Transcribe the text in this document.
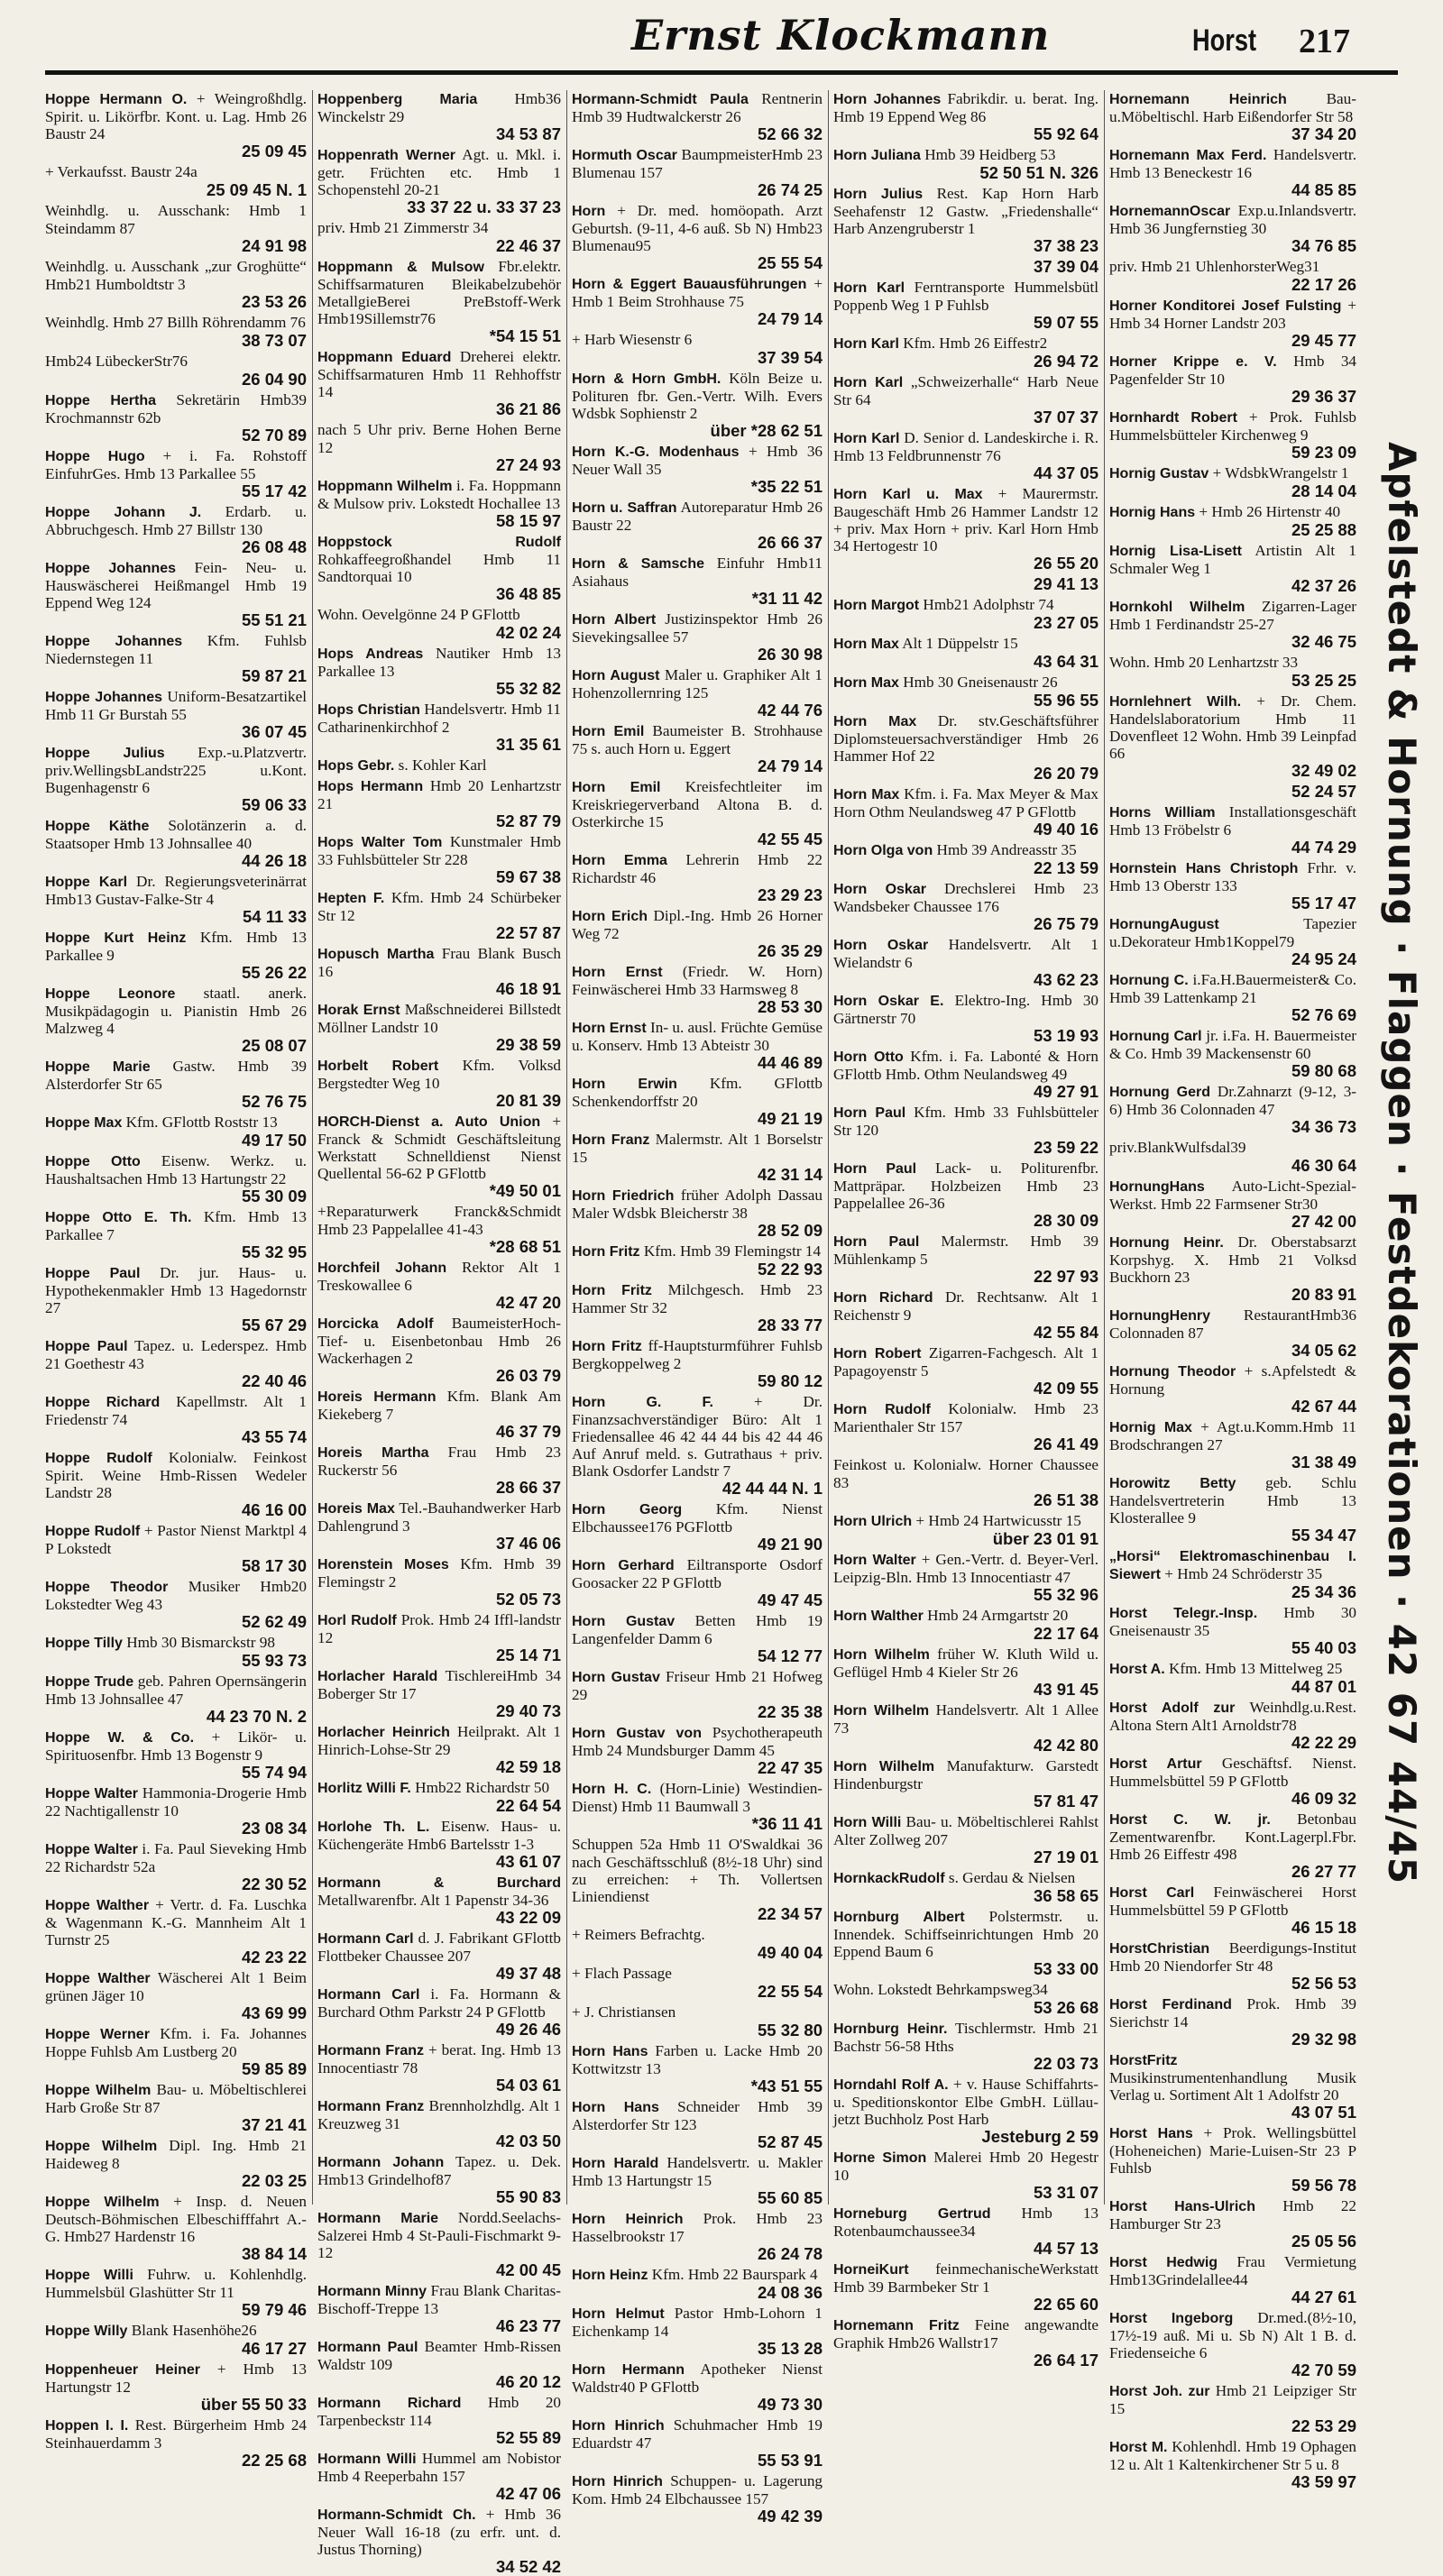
Ernst Klockmann	Horst 217
Hoppe Hermann O. + Weingroßhdlg. Spirit. u. Likörfbr. Kont. u. Lag. Hmb 26 Baustr 24
25 09 45
+ Verkaufsst. Baustr 24a
25 09 45 N. 1
Weinhdlg. u. Ausschank: Hmb 1 Steindamm 87
24 91 98
Weinhdlg. u. Ausschank „zur Groghütte“ Hmb21 Humboldtstr 3
23 53 26
Weinhdlg. Hmb 27 Billh Röhrendamm 76
38 73 07
Hmb24 LübeckerStr76
26 04 90
Hoppe Hertha Sekretärin Hmb39 Krochmannstr 62b
52 70 89
Hoppe Hugo + i. Fa. Rohstoff EinfuhrGes. Hmb 13 Parkallee 55
55 17 42
Hoppe Johann J. Erdarb. u. Abbruchgesch. Hmb 27 Billstr 130
26 08 48
Hoppe Johannes Fein- Neu- u. Hauswäscherei Heißmangel Hmb 19 Eppend Weg 124
55 51 21
Hoppe Johannes Kfm. Fuhlsb Niedernstegen 11
59 87 21
Hoppe Johannes Uniform-Besatzartikel Hmb 11 Gr Burstah 55
36 07 45
Hoppe Julius Exp.-u.Platzvertr. priv.WellingsbLandstr225 u.Kont. Bugenhagenstr 6
59 06 33
Hoppe Käthe Solotänzerin a. d. Staatsoper Hmb 13 Johnsallee 40
44 26 18
Hoppe Karl Dr. Regierungsveterinärrat Hmb13 Gustav-Falke-Str 4
54 11 33
Hoppe Kurt Heinz Kfm. Hmb 13 Parkallee 9
55 26 22
Hoppe Leonore staatl. anerk. Musikpädagogin u. Pianistin Hmb 26 Malzweg 4
25 08 07
Hoppe Marie Gastw. Hmb 39 Alsterdorfer Str 65
52 76 75
Hoppe Max Kfm. GFlottb Roststr 13
49 17 50
Hoppe Otto Eisenw. Werkz. u. Haushaltsachen Hmb 13 Hartungstr 22
55 30 09
Hoppe Otto E. Th. Kfm. Hmb 13 Parkallee 7
55 32 95
Hoppe Paul Dr. jur. Haus- u. Hypothekenmakler Hmb 13 Hagedornstr 27
55 67 29
Hoppe Paul Tapez. u. Lederspez. Hmb 21 Goethestr 43
22 40 46
Hoppe Richard Kapellmstr. Alt 1 Friedenstr 74
43 55 74
Hoppe Rudolf Kolonialw. Feinkost Spirit. Weine Hmb-Rissen Wedeler Landstr 28
46 16 00
Hoppe Rudolf + Pastor Nienst Marktpl 4 P Lokstedt
58 17 30
Hoppe Theodor Musiker Hmb20 Lokstedter Weg 43
52 62 49
Hoppe Tilly Hmb 30 Bismarckstr 98
55 93 73
Hoppe Trude geb. Pahren Opernsängerin Hmb 13 Johnsallee 47
44 23 70 N. 2
Hoppe W. & Co. + Likör- u. Spirituosenfbr. Hmb 13 Bogenstr 9
55 74 94
Hoppe Walter Hammonia-Drogerie Hmb 22 Nachtigallenstr 10
23 08 34
Hoppe Walter i. Fa. Paul Sieveking Hmb 22 Richardstr 52a
22 30 52
Hoppe Walther + Vertr. d. Fa. Luschka & Wagenmann K.-G. Mannheim Alt 1 Turnstr 25
42 23 22
Hoppe Walther Wäscherei Alt 1 Beim grünen Jäger 10
43 69 99
Hoppe Werner Kfm. i. Fa. Johannes Hoppe Fuhlsb Am Lustberg 20
59 85 89
Hoppe Wilhelm Bau- u. Möbeltischlerei Harb Große Str 87
37 21 41
Hoppe Wilhelm Dipl. Ing. Hmb 21 Haideweg 8
22 03 25
Hoppe Wilhelm + Insp. d. Neuen Deutsch-Böhmischen Elbeschifffahrt A.-G. Hmb27 Hardenstr 16
38 84 14
Hoppe Willi Fuhrw. u. Kohlenhdlg. Hummelsbül Glashütter Str 11
59 79 46
Hoppe Willy Blank Hasenhöhe26
46 17 27
Hoppenheuer Heiner + Hmb 13 Hartungstr 12
über 55 50 33
Hoppen I. I. Rest. Bürgerheim Hmb 24 Steinhauerdamm 3
22 25 68
Hoppenberg Maria Hmb36 Winckelstr 29
34 53 87
Hoppenrath Werner Agt. u. Mkl. i. getr. Früchten etc. Hmb 1 Schopenstehl 20-21
33 37 22 u. 33 37 23
priv. Hmb 21 Zimmerstr 34
22 46 37
Hoppmann & Mulsow Fbr.elektr. Schiffsarmaturen Bleikabelzubehör MetallgieBerei PreBstoff-Werk Hmb19Sillemstr76
*54 15 51
Hoppmann Eduard Dreherei elektr. Schiffsarmaturen Hmb 11 Rehhoffstr 14
36 21 86
nach 5 Uhr priv. Berne Hohen Berne 12
27 24 93
Hoppmann Wilhelm i. Fa. Hoppmann & Mulsow priv. Lokstedt Hochallee 13
58 15 97
Hoppstock Rudolf Rohkaffeegroßhandel Hmb 11 Sandtorquai 10
36 48 85
Wohn. Oevelgönne 24 P GFlottb
42 02 24
Hops Andreas Nautiker Hmb 13 Parkallee 13
55 32 82
Hops Christian Handelsvertr. Hmb 11 Catharinenkirchhof 2
31 35 61
Hops Gebr. s. Kohler Karl
Hops Hermann Hmb 20 Lenhartzstr 21
52 87 79
Hops Walter Tom Kunstmaler Hmb 33 Fuhlsbütteler Str 228
59 67 38
Hepten F. Kfm. Hmb 24 Schürbeker Str 12
22 57 87
Hopusch Martha Frau Blank Busch 16
46 18 91
Horak Ernst Maßschneiderei Billstedt Möllner Landstr 10
29 38 59
Horbelt Robert Kfm. Volksd Bergstedter Weg 10
20 81 39
HORCH-Dienst a. Auto Union + Franck & Schmidt Geschäftsleitung Werkstatt Schnelldienst Nienst Quellental 56-62 P GFlottb
*49 50 01
+Reparaturwerk Franck&Schmidt Hmb 23 Pappelallee 41-43
*28 68 51
Horchfeil Johann Rektor Alt 1 Treskowallee 6
42 47 20
Horcicka Adolf BaumeisterHoch-Tief- u. Eisenbetonbau Hmb 26 Wackerhagen 2
26 03 79
Horeis Hermann Kfm. Blank Am Kiekeberg 7
46 37 79
Horeis Martha Frau Hmb 23 Ruckerstr 56
28 66 37
Horeis Max Tel.-Bauhandwerker Harb Dahlengrund 3
37 46 06
Horenstein Moses Kfm. Hmb 39 Flemingstr 2
52 05 73
Horl Rudolf Prok. Hmb 24 Iffl-landstr 12
25 14 71
Horlacher Harald TischlereiHmb 34 Boberger Str 17
29 40 73
Horlacher Heinrich Heilprakt. Alt 1 Hinrich-Lohse-Str 29
42 59 18
Horlitz Willi F. Hmb22 Richardstr 50
22 64 54
Horlohe Th. L. Eisenw. Haus- u. Küchengeräte Hmb6 Bartelsstr 1-3
43 61 07
Hormann & Burchard Metallwarenfbr. Alt 1 Papenstr 34-36
43 22 09
Hormann Carl d. J. Fabrikant GFlottb Flottbeker Chaussee 207
49 37 48
Hormann Carl i. Fa. Hormann & Burchard Othm Parkstr 24 P GFlottb
49 26 46
Hormann Franz + berat. Ing. Hmb 13 Innocentiastr 78
54 03 61
Hormann Franz Brennholzhdlg. Alt 1 Kreuzweg 31
42 03 50
Hormann Johann Tapez. u. Dek. Hmb13 Grindelhof87
55 90 83
Hormann Marie Nordd.Seelachs-Salzerei Hmb 4 St-Pauli-Fischmarkt 9-12
42 00 45
Hormann Minny Frau Blank Charitas-Bischoff-Treppe 13
46 23 77
Hormann Paul Beamter Hmb-Rissen Waldstr 109
46 20 12
Hormann Richard Hmb 20 Tarpenbeckstr 114
52 55 89
Hormann Willi Hummel am Nobistor Hmb 4 Reeperbahn 157
42 47 06
Hormann-Schmidt Ch. + Hmb 36 Neuer Wall 16-18 (zu erfr. unt. d. Justus Thorning)
34 52 42
Hormann-Schmidt Paula Rentnerin Hmb 39 Hudtwalckerstr 26
52 66 32
Hormuth Oscar BaumpmeisterHmb 23 Blumenau 157
26 74 25
Horn + Dr. med. homöopath. Arzt Geburtsh. (9-11, 4-6 auß. Sb N) Hmb23 Blumenau95
25 55 54
Horn & Eggert Bauausführungen + Hmb 1 Beim Strohhause 75
24 79 14
+ Harb Wiesenstr 6
37 39 54
Horn & Horn GmbH. Köln Beize u. Polituren fbr. Gen.-Vertr. Wilh. Evers Wdsbk Sophienstr 2
über *28 62 51
Horn K.-G. Modenhaus + Hmb 36 Neuer Wall 35
*35 22 51
Horn u. Saffran Autoreparatur Hmb 26 Baustr 22
26 66 37
Horn & Samsche Einfuhr Hmb11 Asiahaus
*31 11 42
Horn Albert Justizinspektor Hmb 26 Sievekingsallee 57
26 30 98
Horn August Maler u. Graphiker Alt 1 Hohenzollernring 125
42 44 76
Horn Emil Baumeister B. Strohhause 75 s. auch Horn u. Eggert
24 79 14
Horn Emil Kreisfechtleiter im Kreiskriegerverband Altona B. d. Osterkirche 15
42 55 45
Horn Emma Lehrerin Hmb 22 Richardstr 46
23 29 23
Horn Erich Dipl.-Ing. Hmb 26 Horner Weg 72
26 35 29
Horn Ernst (Friedr. W. Horn) Feinwäscherei Hmb 33 Harmsweg 8
28 53 30
Horn Ernst In- u. ausl. Früchte Gemüse u. Konserv. Hmb 13 Abteistr 30
44 46 89
Horn Erwin Kfm. GFlottb Schenkendorffstr 20
49 21 19
Horn Franz Malermstr. Alt 1 Borselstr 15
42 31 14
Horn Friedrich früher Adolph Dassau Maler Wdsbk Bleicherstr 38
28 52 09
Horn Fritz Kfm. Hmb 39 Flemingstr 14
52 22 93
Horn Fritz Milchgesch. Hmb 23 Hammer Str 32
28 33 77
Horn Fritz ff-Hauptsturmführer Fuhlsb Bergkoppelweg 2
59 80 12
Horn G. F.	+ Dr. Finanzsachverständiger Büro: Alt 1 Friedensallee 46 42 44 44 bis 42 44 46 Auf Anruf meld. s. Gutrathaus + priv. Blank Osdorfer Landstr 7
42 44 44 N. 1
Horn Georg Kfm. Nienst Elbchaussee176 PGFlottb
49 21 90
Horn Gerhard Eiltransporte Osdorf Goosacker 22 P GFlottb
49 47 45
Horn Gustav Betten Hmb 19 Langenfelder Damm 6
54 12 77
Horn Gustav Friseur Hmb 21 Hofweg 29
22 35 38
Horn Gustav von Psychotherapeuth Hmb 24 Mundsburger Damm 45
22 47 35
Horn H. C. (Horn-Linie) Westindien-Dienst) Hmb 11 Baumwall 3
*36 11 41
Schuppen 52a Hmb 11 O'Swaldkai 36 nach Geschäftsschluß (8½-18 Uhr) sind zu erreichen: + Th. Vollertsen Liniendienst
22 34 57
+ Reimers Befrachtg.
49 40 04
+ Flach Passage
22 55 54
+ J. Christiansen
55 32 80
Horn Hans Farben u. Lacke Hmb 20 Kottwitzstr 13
*43 51 55
Horn Hans Schneider Hmb 39 Alsterdorfer Str 123
52 87 45
Horn Harald Handelsvertr. u. Makler Hmb 13 Hartungstr 15
55 60 85
Horn Heinrich Prok. Hmb 23 Hasselbrookstr 17
26 24 78
Horn Heinz Kfm. Hmb 22 Baurspark 4
24 08 36
Horn Helmut Pastor Hmb-Lohorn 1 Eichenkamp 14
35 13 28
Horn Hermann Apotheker Nienst Waldstr40 P GFlottb
49 73 30
Horn Hinrich Schuhmacher Hmb 19 Eduardstr 47
55 53 91
Horn Hinrich Schuppen- u. Lagerung Kom. Hmb 24 Elbchaussee 157
49 42 39
Horn Johannes Fabrikdir. u. berat. Ing. Hmb 19 Eppend Weg 86
55 92 64
Horn Juliana Hmb 39 Heidberg 53
52 50 51 N. 326
Horn Julius Rest. Kap Horn Harb Seehafenstr 12 Gastw. „Friedenshalle“ Harb Anzengruberstr 1
37 38 23
37 39 04
Horn Karl Ferntransporte Hummelsbütl Poppenb Weg 1 P Fuhlsb
59 07 55
Horn Karl Kfm. Hmb 26 Eiffestr2
26 94 72
Horn Karl „Schweizerhalle“ Harb Neue Str 64
37 07 37
Horn Karl D. Senior d. Landeskirche i. R. Hmb 13 Feldbrunnenstr 76
44 37 05
Horn Karl u. Max + Maurermstr. Baugeschäft Hmb 26 Hammer Landstr 12 + priv. Max Horn + priv. Karl Horn Hmb 34 Hertogestr 10
26 55 20
29 41 13
Horn Margot Hmb21 Adolphstr 74
23 27 05
Horn Max Alt 1 Düppelstr 15
43 64 31
Horn Max Hmb 30 Gneisenaustr 26
55 96 55
Horn Max Dr. stv.Geschäftsführer Diplomsteuersachverständiger Hmb 26 Hammer Hof 22
26 20 79
Horn Max Kfm. i. Fa. Max Meyer & Max Horn Othm Neulandsweg 47 P GFlottb
49 40 16
Horn Olga von Hmb 39 Andreasstr 35
22 13 59
Horn Oskar Drechslerei Hmb 23 Wandsbeker Chaussee 176
26 75 79
Horn Oskar Handelsvertr. Alt 1 Wielandstr 6
43 62 23
Horn Oskar E. Elektro-Ing. Hmb 30 Gärtnerstr 70
53 19 93
Horn Otto Kfm. i. Fa. Labonté & Horn GFlottb Hmb. Othm Neulandsweg 49
49 27 91
Horn Paul Kfm. Hmb 33 Fuhlsbütteler Str 120
23 59 22
Horn Paul Lack- u. Politurenfbr. Mattpräpar. Holzbeizen Hmb 23 Pappelallee 26-36
28 30 09
Horn Paul Malermstr. Hmb 39 Mühlenkamp 5
22 97 93
Horn Richard Dr. Rechtsanw. Alt 1 Reichenstr 9
42 55 84
Horn Robert Zigarren-Fachgesch. Alt 1 Papagoyenstr 5
42 09 55
Horn Rudolf Kolonialw. Hmb 23 Marienthaler Str 157
26 41 49
Feinkost u. Kolonialw. Horner Chaussee 83
26 51 38
Horn Ulrich + Hmb 24 Hartwicusstr 15
über 23 01 91
Horn Walter + Gen.-Vertr. d. Beyer-Verl. Leipzig-Bln. Hmb 13 Innocentiastr 47
55 32 96
Horn Walther Hmb 24 Armgartstr 20
22 17 64
Horn Wilhelm früher W. Kluth Wild u. Geflügel Hmb 4 Kieler Str 26
43 91 45
Horn Wilhelm Handelsvertr. Alt 1 Allee 73
42 42 80
Horn Wilhelm Manufakturw. Garstedt Hindenburgstr
57 81 47
Horn Willi Bau- u. Möbeltischlerei Rahlst Alter Zollweg 207
27 19 01
HornkackRudolf s. Gerdau & Nielsen
36 58 65
Hornburg Albert Polstermstr. u. Innendek. Schiffseinrichtungen Hmb 20 Eppend Baum 6
53 33 00
Wohn. Lokstedt Behrkampsweg34
53 26 68
Hornburg Heinr. Tischlermstr. Hmb 21 Bachstr 56-58 Hths
22 03 73
Horndahl Rolf A. + v. Hause Schiffahrts- u. Speditionskontor Elbe GmbH. Lüllau- jetzt Buchholz Post Harb
Jesteburg 2 59
Horne Simon Malerei Hmb 20 Hegestr 10
53 31 07
Horneburg Gertrud Hmb 13 Rotenbaumchaussee34
44 57 13
HorneiKurt feinmechanischeWerkstatt Hmb 39 Barmbeker Str 1
22 65 60
Hornemann Fritz Feine angewandte Graphik Hmb26 Wallstr17
26 64 17
Hornemann Heinrich	Bau-u.Möbeltischl. Harb Eißendorfer Str 58
37 34 20
Hornemann Max Ferd. Handelsvertr. Hmb 13 Beneckestr 16
44 85 85
HornemannOscar Exp.u.Inlandsvertr. Hmb 36 Jungfernstieg 30
34 76 85
priv. Hmb 21 UhlenhorsterWeg31
22 17 26
Horner Konditorei Josef Fulsting + Hmb 34 Horner Landstr 203
29 45 77
Horner Krippe e. V. Hmb 34 Pagenfelder Str 10
29 36 37
Hornhardt Robert + Prok. Fuhlsb Hummelsbütteler Kirchenweg 9
59 23 09
Hornig Gustav + WdsbkWrangelstr 1
28 14 04
Hornig Hans + Hmb 26 Hirtenstr 40
25 25 88
Hornig Lisa-Lisett Artistin Alt 1 Schmaler Weg 1
42 37 26
Hornkohl Wilhelm Zigarren-Lager Hmb 1 Ferdinandstr 25-27
32 46 75
Wohn. Hmb 20 Lenhartzstr 33
53 25 25
Hornlehnert Wilh. + Dr. Chem. Handelslaboratorium Hmb 11 Dovenfleet 12 Wohn. Hmb 39 Leinpfad 66
32 49 02
52 24 57
Horns William Installationsgeschäft Hmb 13 Fröbelstr 6
44 74 29
Hornstein Hans Christoph Frhr. v. Hmb 13 Oberstr 133
55 17 47
HornungAugust	Tapezier u.Dekorateur Hmb1Koppel79
24 95 24
Hornung C. i.Fa.H.Bauermeister& Co. Hmb 39 Lattenkamp 21
52 76 69
Hornung Carl jr. i.Fa. H. Bauermeister & Co. Hmb 39 Mackensenstr 60
59 80 68
Hornung Gerd Dr.Zahnarzt (9-12, 3-6) Hmb 36 Colonnaden 47
34 36 73
priv.BlankWulfsdal39
46 30 64
HornungHans Auto-Licht-Spezial-Werkst. Hmb 22 Farmsener Str30
27 42 00
Hornung Heinr. Dr. Oberstabsarzt Korpshyg. X. Hmb 21 Volksd Buckhorn 23
20 83 91
HornungHenry RestaurantHmb36 Colonnaden 87
34 05 62
Hornung Theodor + s.Apfelstedt & Hornung
42 67 44
Hornig Max + Agt.u.Komm.Hmb 11 Brodschrangen 27
31 38 49
Horowitz Betty geb. Schlu Handelsvertreterin Hmb 13 Klosterallee 9
55 34 47
„Horsi“ Elektromaschinenbau I. Siewert + Hmb 24 Schröderstr 35
25 34 36
Horst Telegr.-Insp. Hmb 30 Gneisenaustr 35
55 40 03
Horst A. Kfm. Hmb 13 Mittelweg 25
44 87 01
Horst Adolf zur Weinhdlg.u.Rest. Altona Stern Alt1 Arnoldstr78
42 22 29
Horst Artur Geschäftsf. Nienst. Hummelsbüttel 59 P GFlottb
46 09 32
Horst C. W. jr. Betonbau Zementwarenfbr. Kont.Lagerpl.Fbr. Hmb 26 Eiffestr 498
26 27 77
Horst Carl Feinwäscherei Horst Hummelsbüttel 59 P GFlottb
46 15 18
HorstChristian Beerdigungs-Institut Hmb 20 Niendorfer Str 48
52 56 53
Horst Ferdinand Prok. Hmb 39 Sierichstr 14
29 32 98
HorstFritz Musikinstrumentenhandlung Musik Verlag u. Sortiment Alt 1 Adolfstr 20
43 07 51
Horst Hans + Prok. Wellingsbüttel (Hoheneichen) Marie-Luisen-Str 23 P Fuhlsb
59 56 78
Horst Hans-Ulrich Hmb 22 Hamburger Str 23
25 05 56
Horst Hedwig Frau Vermietung Hmb13Grindelallee44
44 27 61
Horst Ingeborg Dr.med.(8½-10, 17½-19 auß. Mi u. Sb N) Alt 1 B. d. Friedenseiche 6
42 70 59
Horst Joh. zur Hmb 21 Leipziger Str 15
22 53 29
Horst M. Kohlenhdl. Hmb 19 Ophagen 12 u. Alt 1 Kaltenkirchener Str 5 u. 8
43 59 97
Apfelstedt & Hornung · Flaggen · Festdekorationen · 42 67 44/45
